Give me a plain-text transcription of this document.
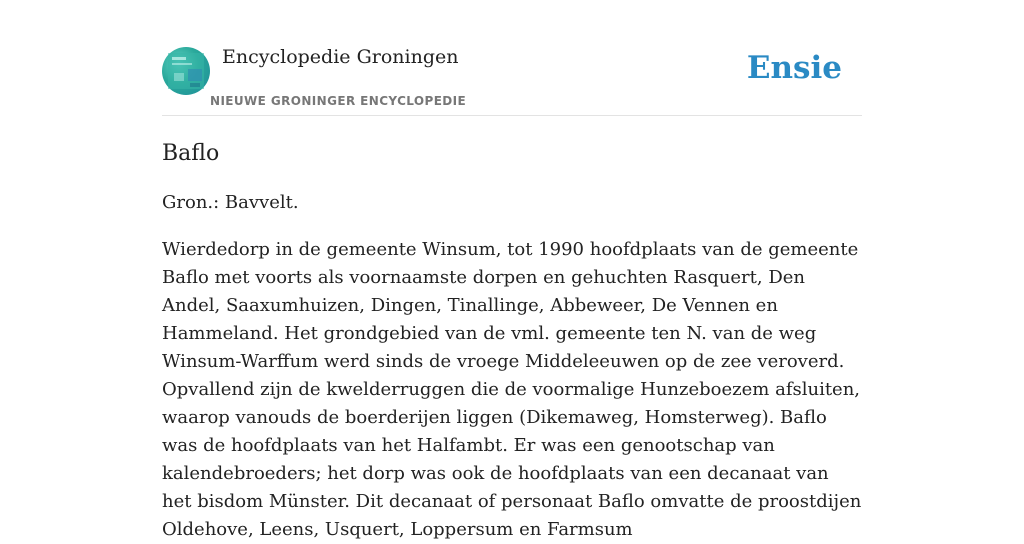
Encyclopedie Groningen
NIEUWE GRONINGER ENCYCLOPEDIE
Ensie
Baflo

Gron.: Bavvelt.

Wierdedorp in de gemeente Winsum, tot 1990 hoofdplaats van de gemeente Baflo met voorts als voornaamste dorpen en gehuchten Rasquert, Den Andel, Saaxumhuizen, Dingen, Tinallinge, Abbeweer, De Vennen en Hammeland. Het grondgebied van de vml. gemeente ten N. van de weg Winsum-Warffum werd sinds de vroege Middeleeuwen op de zee veroverd. Opvallend zijn de kwelderruggen die de voormalige Hunzeboezem afsluiten, waarop vanouds de boerderijen liggen (Dikemaweg, Homsterweg). Baflo was de hoofdplaats van het Halfambt. Er was een genootschap van kalendebroeders; het dorp was ook de hoofdplaats van een decanaat van het bisdom Münster. Dit decanaat of personaat Baflo omvatte de proostdijen Oldehove, Leens, Usquert, Loppersum en Farmsum
